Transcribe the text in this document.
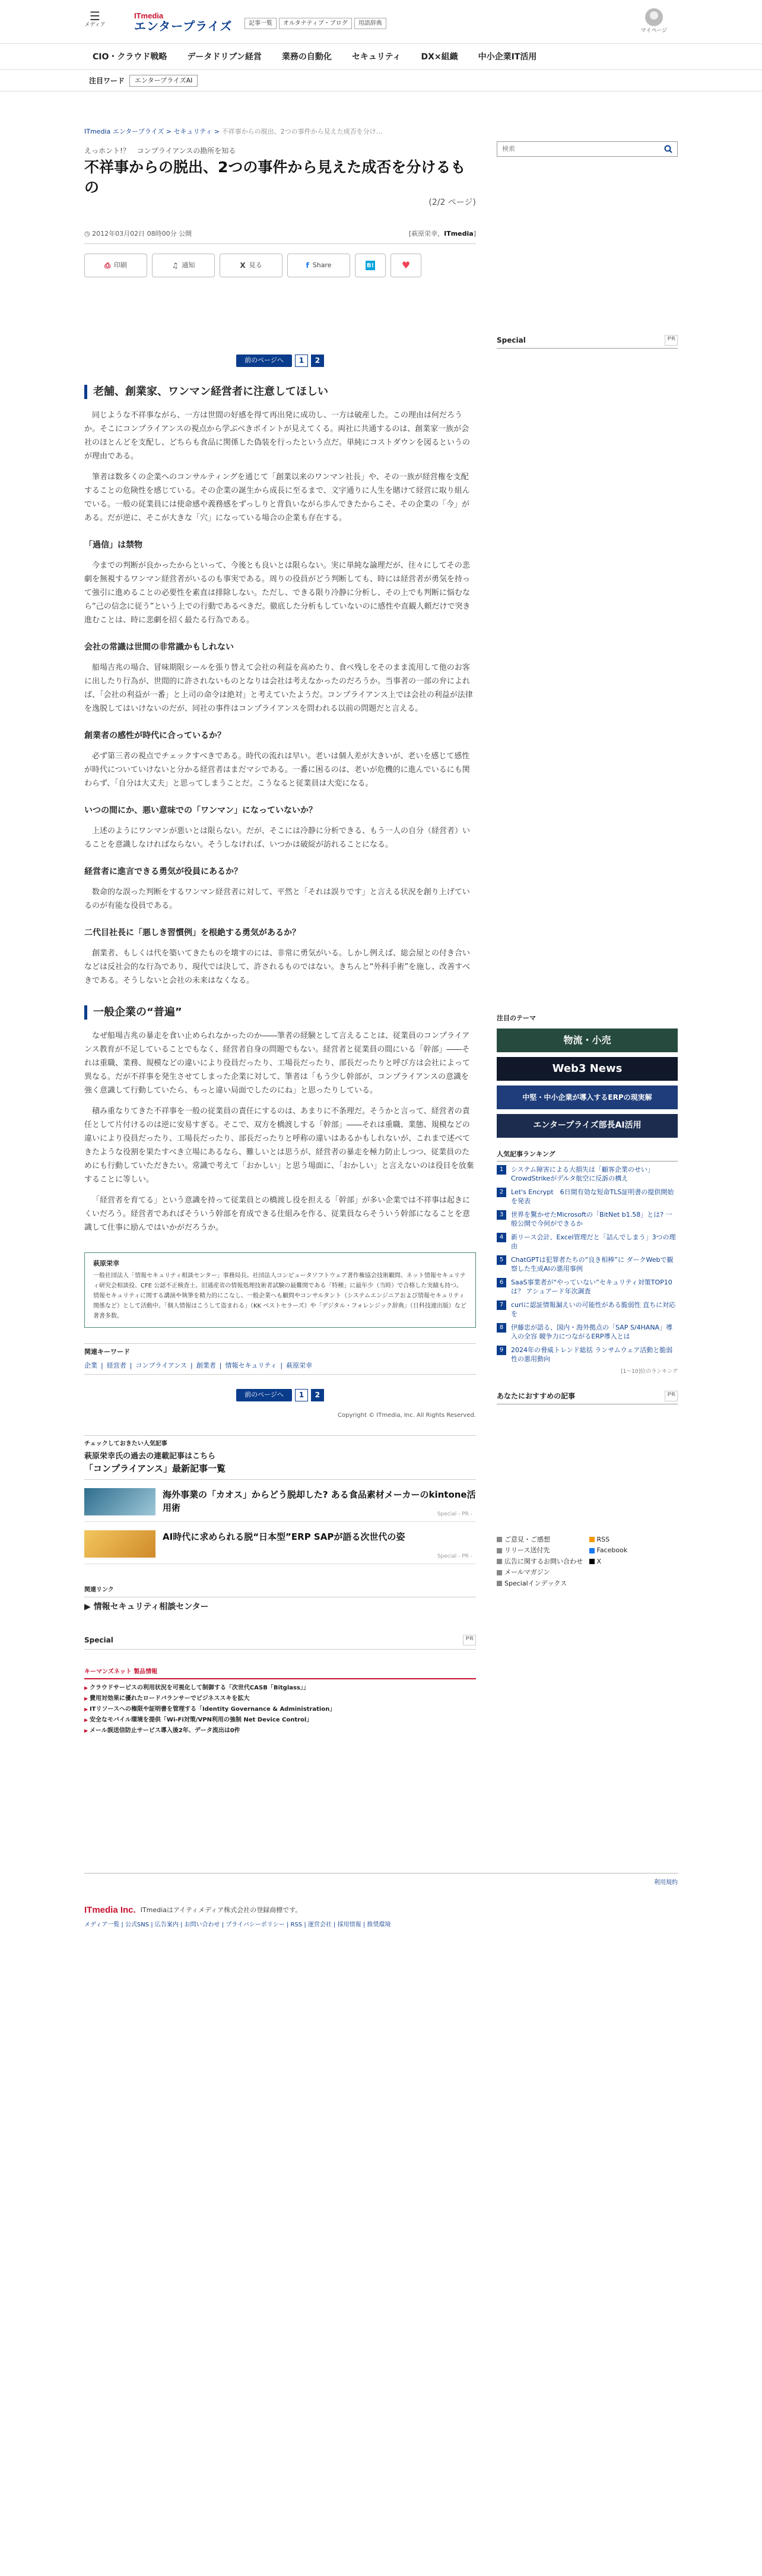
☰
メディア
ITmedia
エンタープライズ	記事一覧	オルタナティブ・ブログ	用語辞典
マイページ
CIO・クラウド戦略	データドリブン経営	業務の自動化	セキュリティ	DX×組織	中小企業IT活用
注目ワード	エンタープライズAI
ITmedia エンタープライズ > セキュリティ > 不祥事からの脱出、2つの事件から見えた成否を分け…
えっホント!？　コンプライアンスの勘所を知る
不祥事からの脱出、2つの事件から見えた成否を分けるもの
(2/2 ページ)
◷ 2012年03月02日 08時00分 公開	[萩原栄幸，ITmedia]
⎙ 印刷	♫ 通知	X 見る	f Share	B!	♥
前のページへ	1	2
老舗、創業家、ワンマン経営者に注意してほしい

同じような不祥事ながら、一方は世間の好感を得て再出発に成功し、一方は破産した。この理由は何だろうか。そこにコンプライアンスの視点から学ぶべきポイントが見えてくる。両社に共通するのは、創業家一族が会社のほとんどを支配し、どちらも食品に関係した偽装を行ったという点だ。単純にコストダウンを図るというのが理由である。

筆者は数多くの企業へのコンサルティングを通じて「創業以来のワンマン社長」や、その一族が経営権を支配することの危険性を感じている。その企業の誕生から成長に至るまで、文字通りに人生を賭けて経営に取り組んでいる。一般の従業員には使命感や義務感をずっしりと背負いながら歩んできたからこそ、その企業の「今」がある。だが逆に、そこが大きな「穴」になっている場合の企業も存在する。

「過信」は禁物

今までの判断が良かったからといって、今後とも良いとは限らない。実に単純な論理だが、往々にしてその悲劇を無視するワンマン経営者がいるのも事実である。周りの役員がどう判断しても、時には経営者が勇気を持って強引に進めることの必要性を素直は排除しない。ただし、できる限り冷静に分析し、その上でも判断に悩むなら“己の信念に従う”という上での行動であるべきだ。徹底した分析もしていないのに感性や直観人頼だけで突き進むことは、時に悲劇を招く最たる行為である。

会社の常識は世間の非常識かもしれない

船場吉兆の場合、冒味期限シールを張り替えて会社の利益を高めたり、食べ残しをそのまま流用して他のお客に出したり行為が、世間的に許されないものとなりは会社は考えなかったのだろうか。当事者の一部の弁によれば、「会社の利益が一番」と上司の命令は絶対」と考えていたようだ。コンプライアンス上では会社の利益が法律を逸脱してはいけないのだが、同社の事件はコンプライアンスを問われる以前の問題だと言える。

創業者の感性が時代に合っているか？

必ず第三者の視点でチェックすべきである。時代の流れは早い。老いは個人差が大きいが、老いを感じて感性が時代についていけないと分かる経営者はまだマシである。一番に困るのは、老いが危機的に進んでいるにも関わらず、「自分は大丈夫」と思ってしまうことだ。こうなると従業員は大変になる。

いつの間にか、悪い意味での「ワンマン」になっていないか？

上述のようにワンマンが悪いとは限らない。だが、そこには冷静に分析できる、もう一人の自分（経営者）いることを意識しなければならない。そうしなければ、いつかは破綻が訪れることになる。

経営者に進言できる勇気が役員にあるか？

数命的な誤った判断をするワンマン経営者に対して、平然と「それは誤りです」と言える状況を創り上げているのが有能な役員である。

二代目社長に「悪しき習慣例」を根絶する勇気があるか？

創業者、もしくは代を築いてきたものを壊すのには、非常に勇気がいる。しかし例えば、総会屋との付き合いなどは反社会的な行為であり、現代では決して、許されるものではない。きちんと“外科手術”を施し、改善すべきである。そうしないと会社の未来はなくなる。

一般企業の“普遍”

なぜ船場吉兆の暴走を食い止められなかったのか――筆者の経験として言えることは、従業員のコンプライアンス教育が不足していることでもなく、経営者自身の問題でもない。経営者と従業員の間にいる「幹部」――それは重職、業務、規模などの違いにより役員だったり、工場長だったり、部長だったりと呼び方は会社によって異なる。だが不祥事を発生させてしまった企業に対して、筆者は「もう少し幹部が、コンプライアンスの意識を強く意識して行動していたら、もっと違い局面でしたのにね」と思ったりしている。

積み重なりてきた不祥事を一般の従業員の責任にするのは、あまりに不条理だ。そうかと言って、経営者の責任として片付けるのは逆に安易すぎる。そこで、双方を橋渡しする「幹部」――それは重職、業態、規模などの違いにより役員だったり、工場長だったり、部長だったりと呼称の違いはあるかもしれないが、これまで述べてきたような役割を果たすべき立場にあるなら、難しいとは思うが、経営者の暴走を極力防止しつつ、従業員のためにも行動していただきたい。常識で考えて「おかしい」と思う場面に、「おかしい」と言えないのは役目を放棄することに等しい。

「経営者を育てる」という意識を持って従業員との橋渡し役を担える「幹部」が多い企業では不祥事は起きにくいだろう。経営者であればそういう幹部を育成できる仕組みを作る、従業員ならそういう幹部になることを意識して仕事に励んではいかがだろうか。

萩原栄幸

一般社団法人「情報セキュリティ相談センター」事務局長。社団法人コンピュータソフトウェア著作権協会技術顧問、ネット情報セキュリティ研究会相談役、CFE 公認不正検査士。旧通産省の情報処理技術者試験の最難関である「特種」に最年少（当時）で合格した実績も持つ。情報セキュリティに関する講演や執筆を精力的にこなし、一般企業へも顧問やコンサルタント（システムエンジニアおよび情報セキュリティ関係など）として活動中。「個人情報はこうして盗まれる」（KK ベストセラーズ）や「デジタル・フォレンジック辞典」（日科技連出版）など著書多数。

関連キーワード
企業 | 経営者 | コンプライアンス | 創業者 | 情報セキュリティ | 萩原栄幸
前のページへ	1	2
Copyright © ITmedia, Inc. All Rights Reserved.
チェックしておきたい人気記事
萩原栄幸氏の過去の連載記事はこちら
「コンプライアンス」最新記事一覧
海外事業の「カオス」からどう脱却した? ある食品素材メーカーのkintone活用術
Special - PR -
AI時代に求められる脱“日本型”ERP SAPが語る次世代の姿
Special - PR -
関連リンク
▶ 情報セキュリティ相談センター
Special	PR
キーマンズネット 製品情報
▶ クラウドサービスの利用状況を可視化して制御する「次世代CASB「Bitglass」」
▶ 費用対効果に優れたロードバランサーでビジネススキを拡大
▶ ITリソースへの権限や証明書を管理する「Identity Governance & Administration」
▶ 安全なモバイル環境を提供「Wi-Fi対策/VPN利用の強制 Net Device Control」
▶ メール誤送信防止サービス導入後2年、データ流出は0件
検索
Special	PR
注目のテーマ
物流・小売
Web3 News
中堅・中小企業が導入するERPの現実解
エンタープライズ部長AI活用
人気記事ランキング
1	システム障害による大損失は「顧客企業のせい」 CrowdStrikeがデルタ航空に反訴の構え
2	Let's Encrypt　6日間有効な短命TLS証明書の提供開始を発表
3	世界を驚かせたMicrosoftの「BitNet b1.58」とは? 一般公開で今何ができるか
4	新リース会計、Excel管理だと「詰んでしまう」3つの理由
5	ChatGPTは犯罪者たちの“良き相棒”に ダークWebで観察した生成AIの悪用事例
6	SaaS事業者が“やっていない”セキュリティ対策TOP10は？ アシュアード年次調査
7	curlに認証情報漏えいの可能性がある脆弱性 直ちに対応を
8	伊藤忠が語る、国内・海外拠点の「SAP S/4HANA」導入の全容 競争力につながるERP導入とは
9	2024年の脅威トレンド総括 ランサムウェア活動と脆弱性の悪用動向
[1〜10]位のランキング
あなたにおすすめの記事	PR
ご意見・ご感想	RSS
リリース送付先	Facebook
広告に関するお問い合わせ X
メールマガジン
Specialインデックス
利用規約
ITmedia Inc. ITmediaはアイティメディア株式会社の登録商標です。
メディア一覧 | 公式SNS | 広告案内 | お問い合わせ | プライバシーポリシー | RSS | 運営会社 | 採用情報 | 推奨環境
